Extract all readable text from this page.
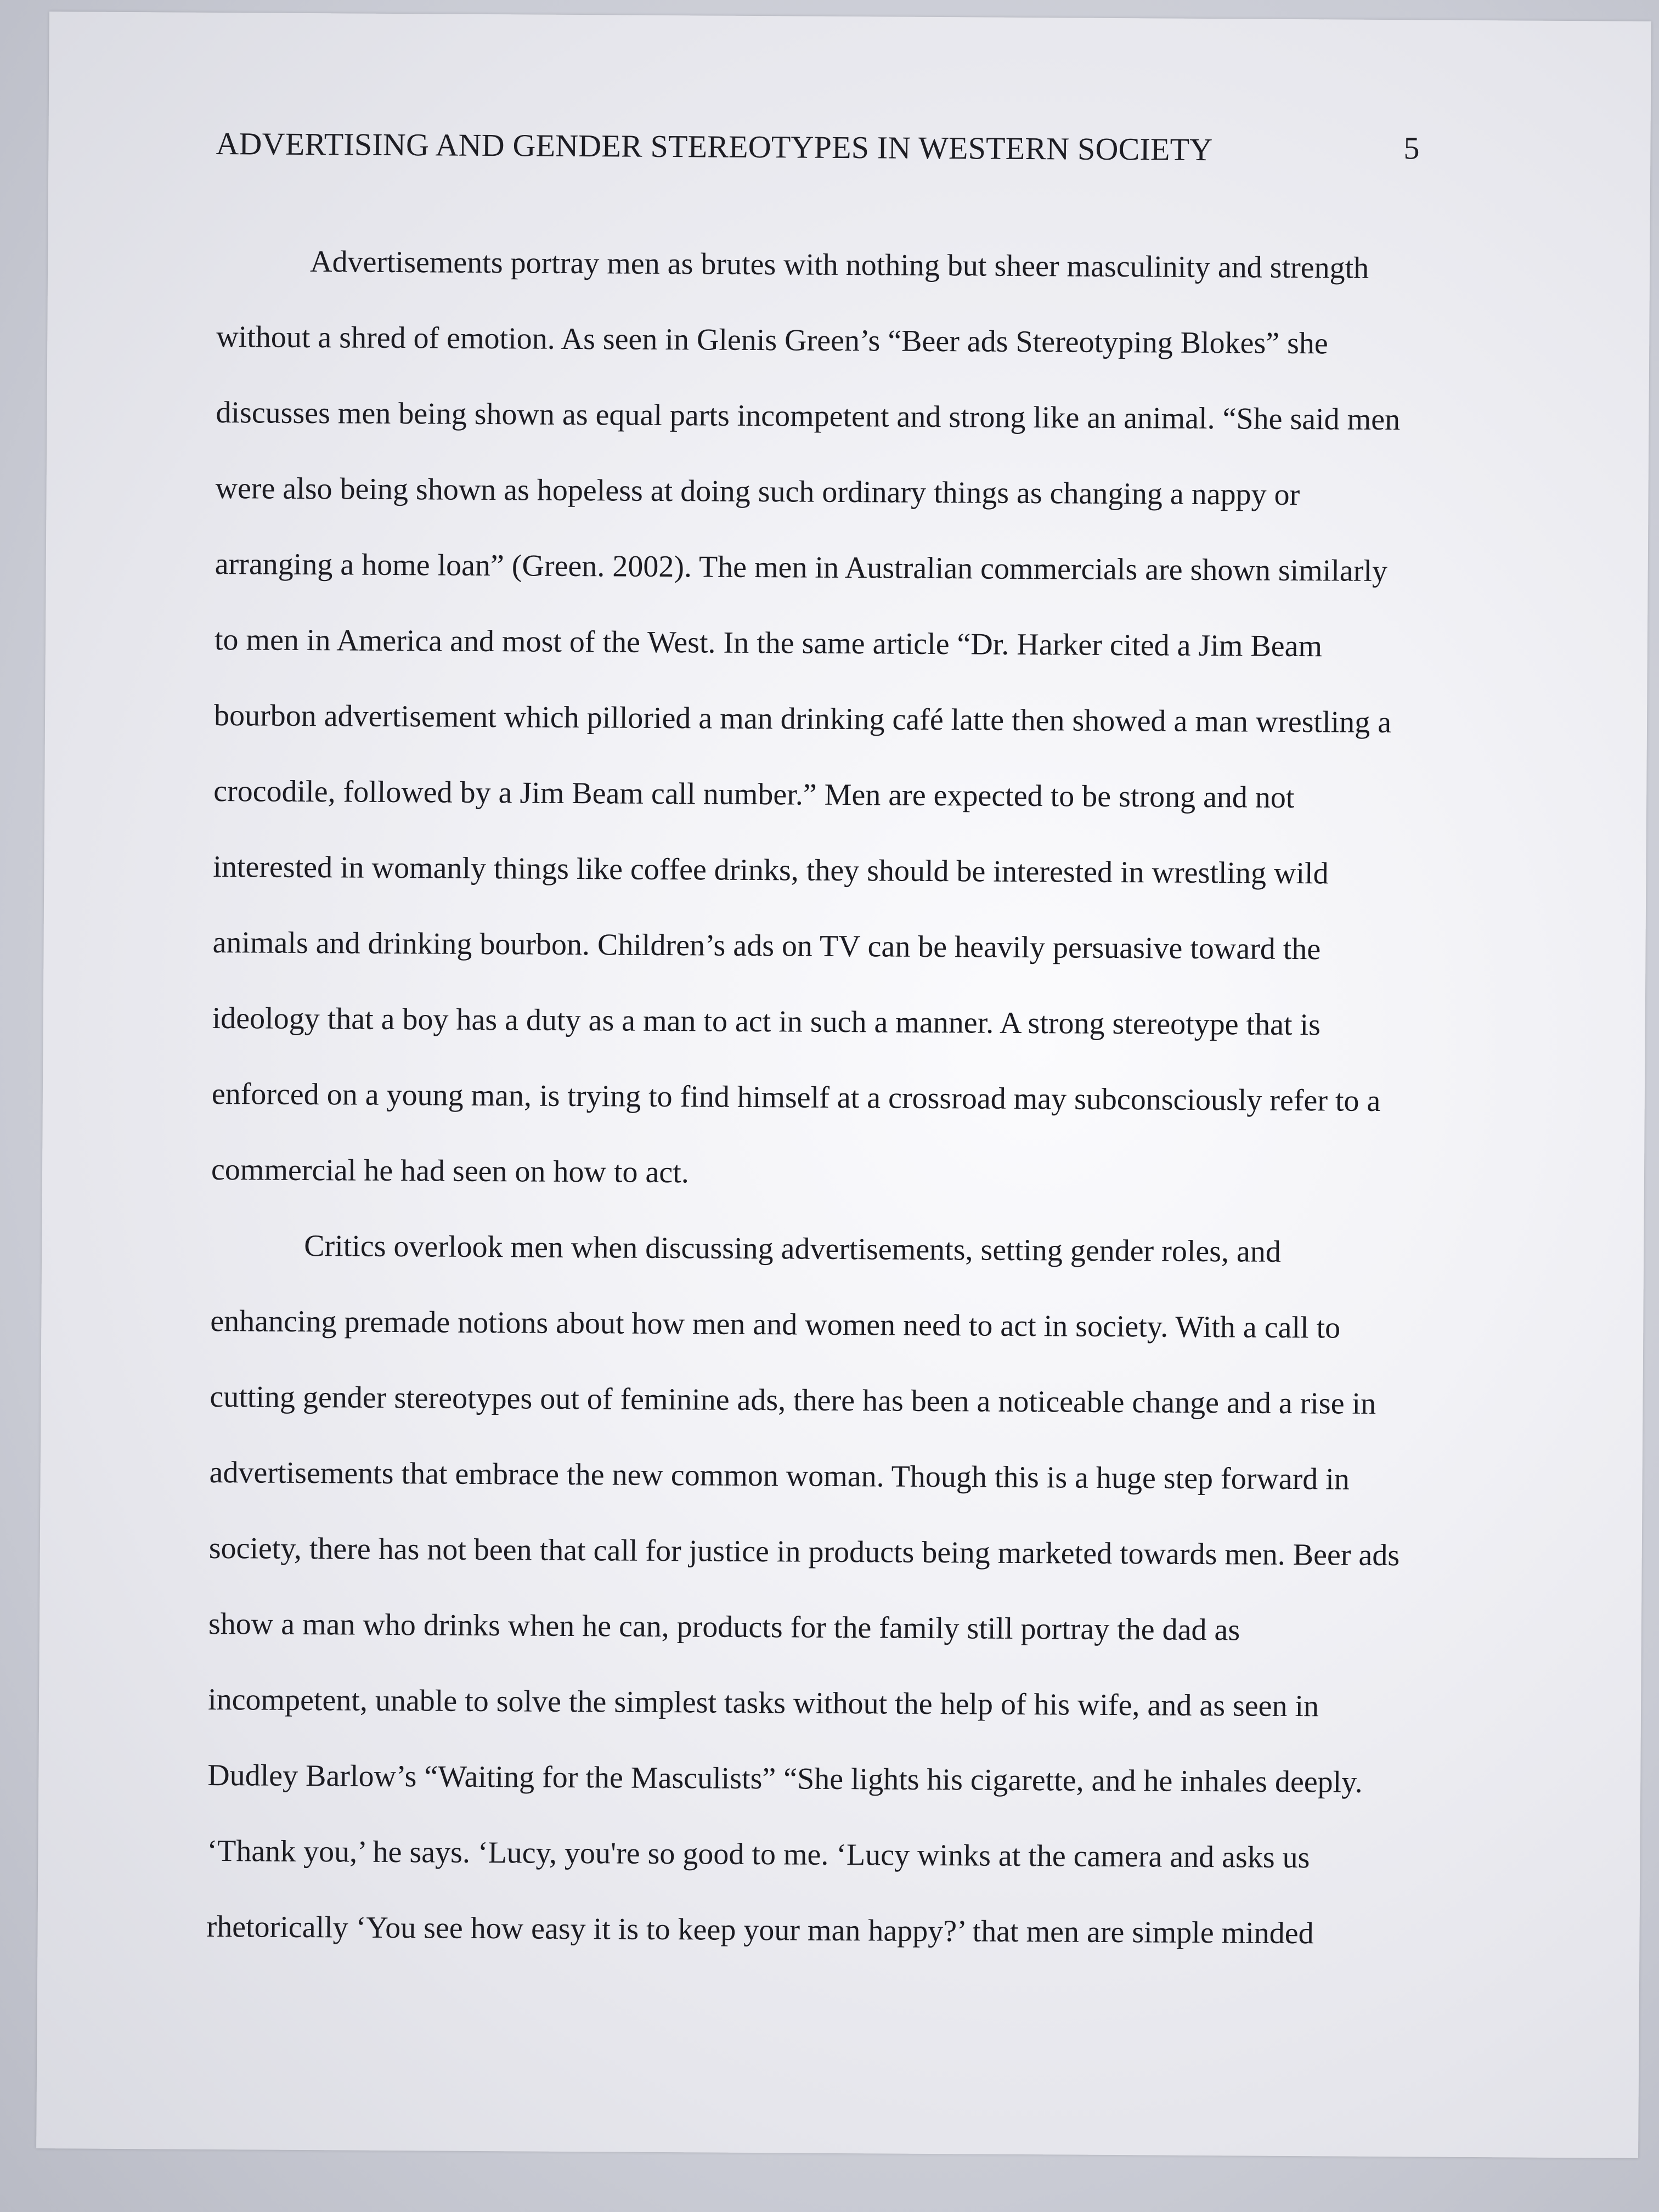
ADVERTISING AND GENDER STEREOTYPES IN WESTERN SOCIETY	5
Advertisements portray men as brutes with nothing but sheer masculinity and strength
without a shred of emotion. As seen in Glenis Green’s “Beer ads Stereotyping Blokes” she
discusses men being shown as equal parts incompetent and strong like an animal. “She said men
were also being shown as hopeless at doing such ordinary things as changing a nappy or
arranging a home loan” (Green. 2002). The men in Australian commercials are shown similarly
to men in America and most of the West. In the same article “Dr. Harker cited a Jim Beam
bourbon advertisement which pilloried a man drinking café latte then showed a man wrestling a
crocodile, followed by a Jim Beam call number.” Men are expected to be strong and not
interested in womanly things like coffee drinks, they should be interested in wrestling wild
animals and drinking bourbon. Children’s ads on TV can be heavily persuasive toward the
ideology that a boy has a duty as a man to act in such a manner. A strong stereotype that is
enforced on a young man, is trying to find himself at a crossroad may subconsciously refer to a
commercial he had seen on how to act.
Critics overlook men when discussing advertisements, setting gender roles, and
enhancing premade notions about how men and women need to act in society. With a call to
cutting gender stereotypes out of feminine ads, there has been a noticeable change and a rise in
advertisements that embrace the new common woman. Though this is a huge step forward in
society, there has not been that call for justice in products being marketed towards men. Beer ads
show a man who drinks when he can, products for the family still portray the dad as
incompetent, unable to solve the simplest tasks without the help of his wife, and as seen in
Dudley Barlow’s “Waiting for the Masculists” “She lights his cigarette, and he inhales deeply.
‘Thank you,’ he says. ‘Lucy, you're so good to me. ‘Lucy winks at the camera and asks us
rhetorically ‘You see how easy it is to keep your man happy?’ that men are simple minded
